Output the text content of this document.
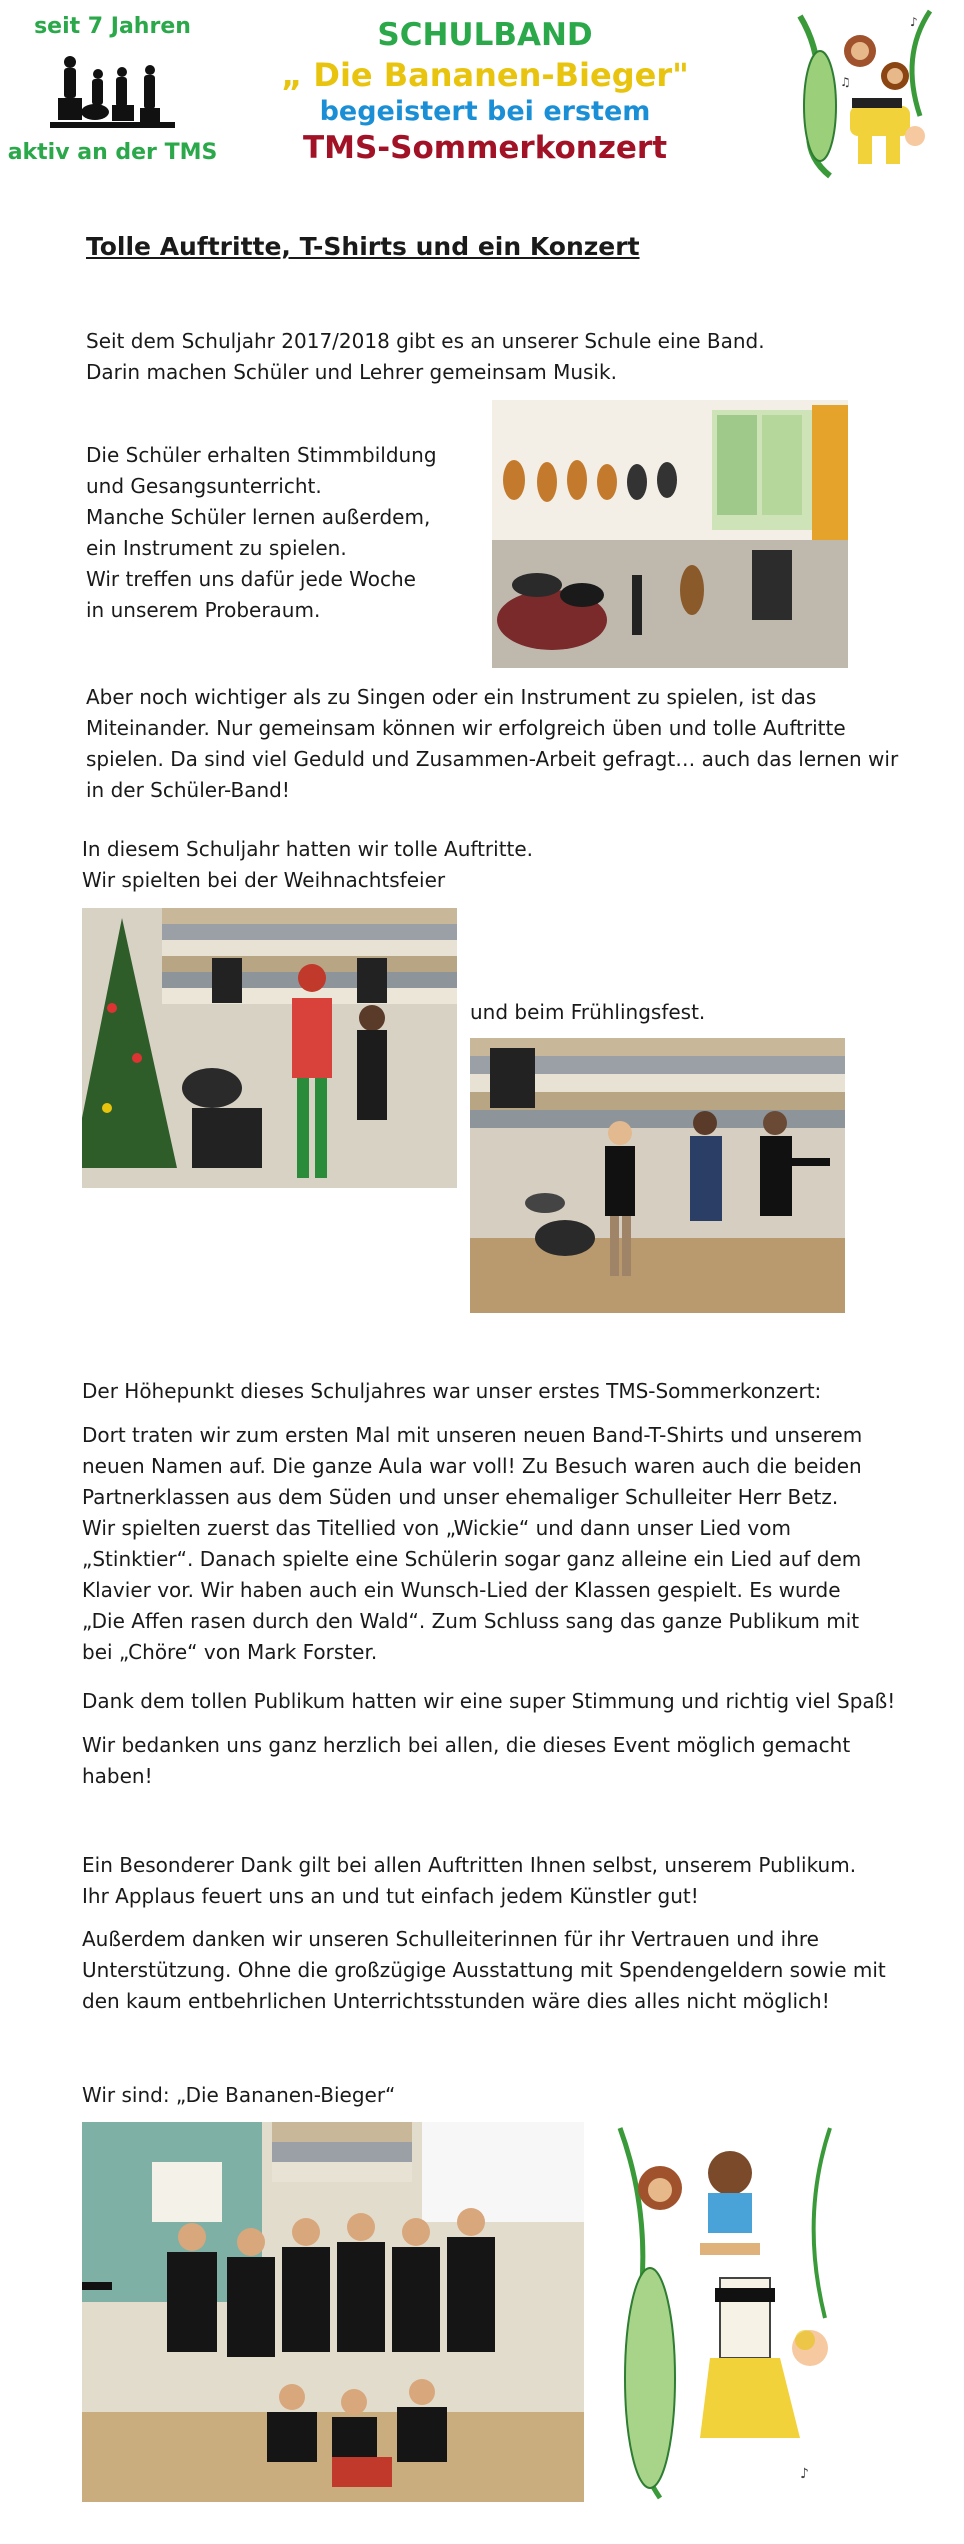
seit 7 Jahren
aktiv an der TMS
SCHULBAND
„ Die Bananen-Bieger"
begeistert bei erstem
TMS-Sommerkonzert
♪
♫
Tolle Auftritte, T-Shirts und ein Konzert
Seit dem Schuljahr 2017/2018 gibt es an unserer Schule eine Band.
Darin machen Schüler und Lehrer gemeinsam Musik.
Die Schüler erhalten Stimmbildung
und Gesangsunterricht.
Manche Schüler lernen außerdem,
ein Instrument zu spielen.
Wir treffen uns dafür jede Woche
in unserem Proberaum.
Aber noch wichtiger als zu Singen oder ein Instrument zu spielen, ist das
Miteinander. Nur gemeinsam können wir erfolgreich üben und tolle Auftritte
spielen. Da sind viel Geduld und Zusammen-Arbeit gefragt… auch das lernen wir
in der Schüler-Band!
In diesem Schuljahr hatten wir tolle Auftritte.
Wir spielten bei der Weihnachtsfeier
und beim Frühlingsfest.
Der Höhepunkt dieses Schuljahres war unser erstes TMS-Sommerkonzert:
Dort traten wir zum ersten Mal mit unseren neuen Band-T-Shirts und unserem
neuen Namen auf. Die ganze Aula war voll! Zu Besuch waren auch die beiden
Partnerklassen aus dem Süden und unser ehemaliger Schulleiter Herr Betz.
Wir spielten zuerst das Titellied von „Wickie“ und dann unser Lied vom
„Stinktier“. Danach spielte eine Schülerin sogar ganz alleine ein Lied auf dem
Klavier vor. Wir haben auch ein Wunsch-Lied der Klassen gespielt. Es wurde
„Die Affen rasen durch den Wald“. Zum Schluss sang das ganze Publikum mit
bei „Chöre“ von Mark Forster.
Dank dem tollen Publikum hatten wir eine super Stimmung und richtig viel Spaß!
Wir bedanken uns ganz herzlich bei allen, die dieses Event möglich gemacht
haben!
Ein Besonderer Dank gilt bei allen Auftritten Ihnen selbst, unserem Publikum.
Ihr Applaus feuert uns an und tut einfach jedem Künstler gut!
Außerdem danken wir unseren Schulleiterinnen für ihr Vertrauen und ihre
Unterstützung. Ohne die großzügige Ausstattung mit Spendengeldern sowie mit
den kaum entbehrlichen Unterrichtsstunden wäre dies alles nicht möglich!
Wir sind: „Die Bananen-Bieger“
♪
